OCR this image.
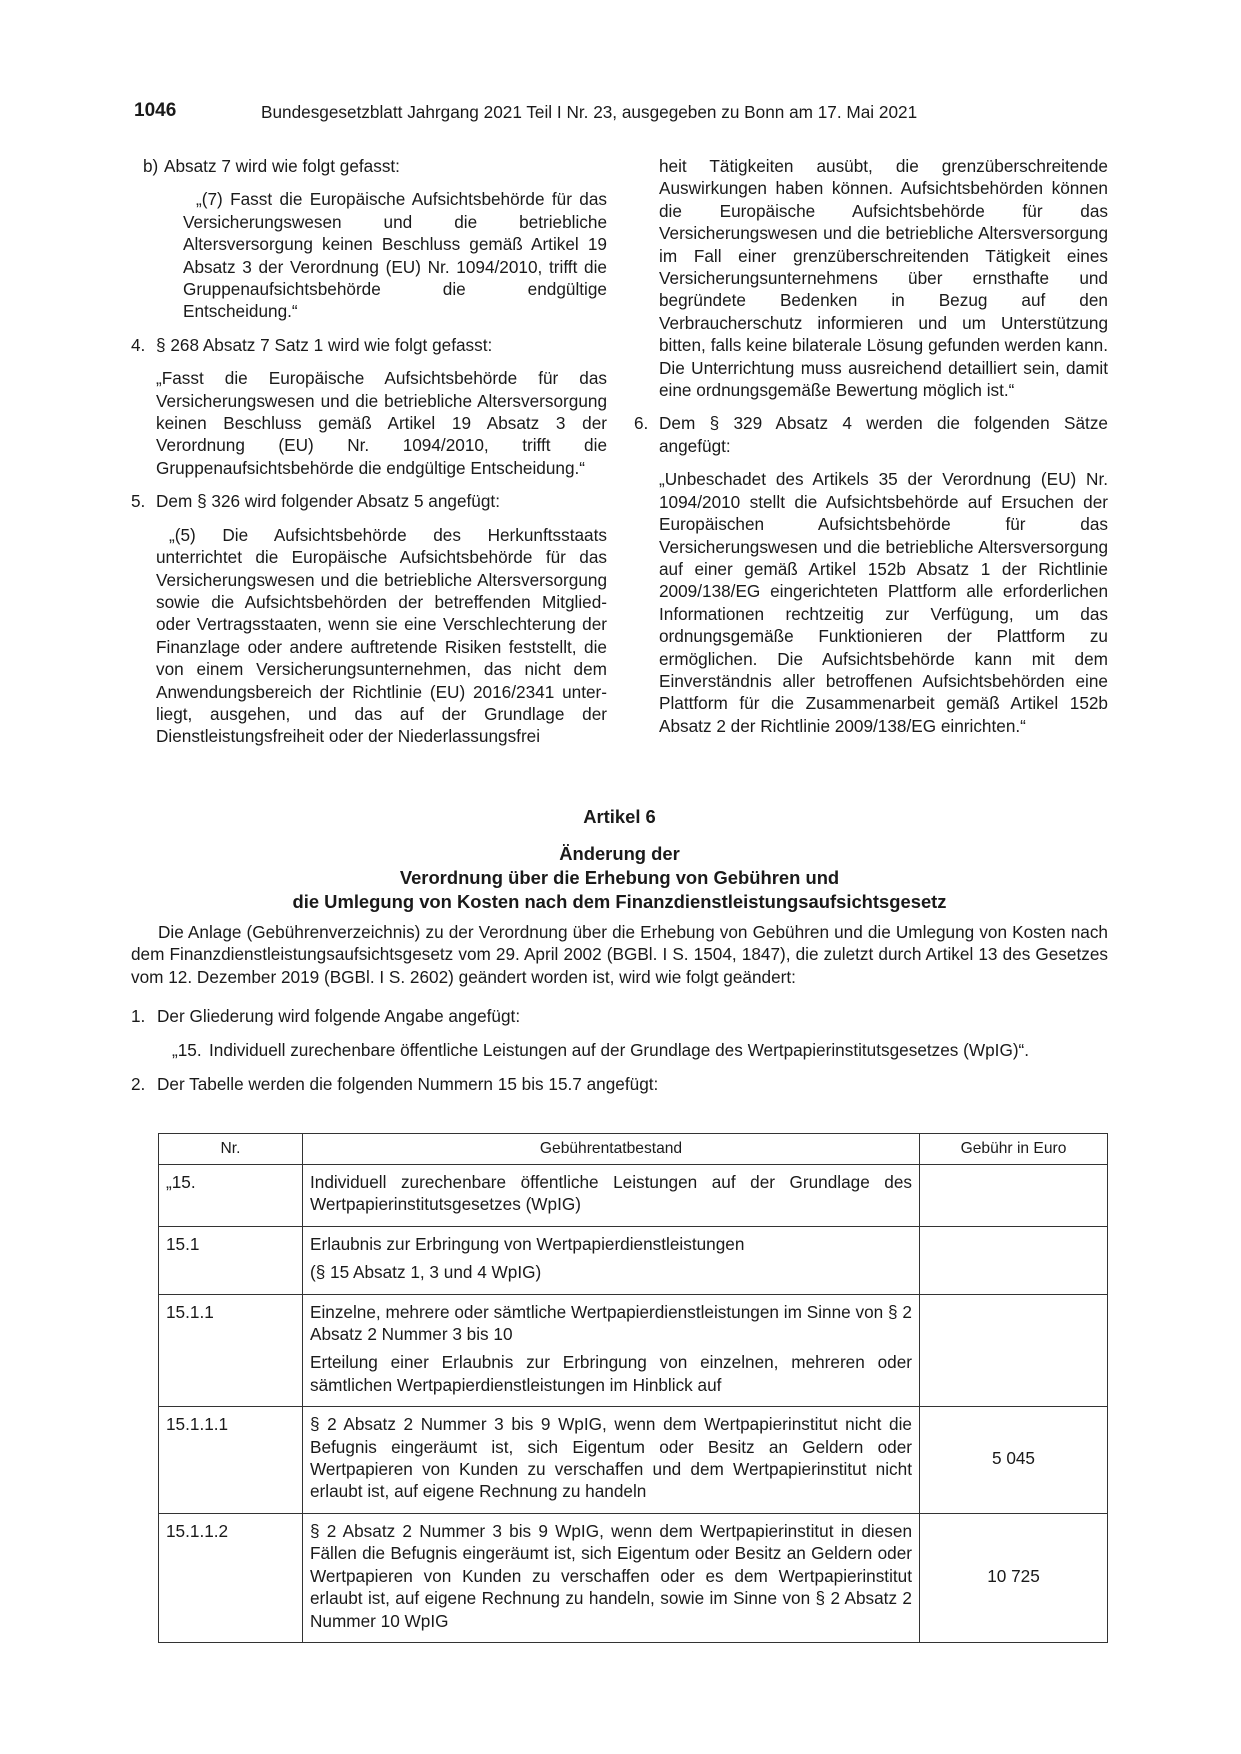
1046	Bundesgesetzblatt Jahrgang 2021 Teil I Nr. 23, ausgegeben zu Bonn am 17. Mai 2021
b) Absatz 7 wird wie folgt gefasst:

„(7) Fasst die Europäische Aufsichtsbehörde für das Versicherungswesen und die betriebliche Altersversorgung keinen Beschluss gemäß Artikel 19 Absatz 3 der Verordnung (EU) Nr. 1094/2010, trifft die Gruppenaufsichtsbehörde die endgültige Entscheidung.“

4. § 268 Absatz 7 Satz 1 wird wie folgt gefasst:

„Fasst die Europäische Aufsichtsbehörde für das Versicherungswesen und die betriebliche Altersversorgung keinen Beschluss gemäß Artikel 19 Absatz 3 der Verordnung (EU) Nr. 1094/2010, trifft die Gruppenaufsichtsbehörde die endgültige Entscheidung.“

5. Dem § 326 wird folgender Absatz 5 angefügt:

„(5) Die Aufsichtsbehörde des Herkunftsstaats unterrichtet die Europäische Aufsichtsbehörde für das Versicherungswesen und die betriebliche Altersversorgung sowie die Aufsichtsbehörden der betreffenden Mitglied- oder Vertragsstaaten, wenn sie eine Verschlechterung der Finanzlage oder andere auftretende Risiken feststellt, die von einem Versicherungsunternehmen, das nicht dem Anwendungsbereich der Richtlinie (EU) 2016/2341 unterliegt, ausgehen, und das auf der Grundlage der Dienstleistungsfreiheit oder der Niederlassungsfrei

heit Tätigkeiten ausübt, die grenzüberschreitende Auswirkungen haben können. Aufsichtsbehörden können die Europäische Aufsichtsbehörde für das Versicherungswesen und die betriebliche Altersversorgung im Fall einer grenzüberschreitenden Tätigkeit eines Versicherungsunternehmens über ernsthafte und begründete Bedenken in Bezug auf den Verbraucherschutz informieren und um Unterstützung bitten, falls keine bilaterale Lösung gefunden werden kann. Die Unterrichtung muss ausreichend detailliert sein, damit eine ordnungsgemäße Bewertung möglich ist.“

6. Dem § 329 Absatz 4 werden die folgenden Sätze angefügt:

„Unbeschadet des Artikels 35 der Verordnung (EU) Nr. 1094/2010 stellt die Aufsichtsbehörde auf Ersuchen der Europäischen Aufsichtsbehörde für das Versicherungswesen und die betriebliche Altersversorgung auf einer gemäß Artikel 152b Absatz 1 der Richtlinie 2009/138/EG eingerichteten Plattform alle erforderlichen Informationen rechtzeitig zur Verfügung, um das ordnungsgemäße Funktionieren der Plattform zu ermöglichen. Die Aufsichtsbehörde kann mit dem Einverständnis aller betroffenen Aufsichtsbehörden eine Plattform für die Zusammenarbeit gemäß Artikel 152b Absatz 2 der Richtlinie 2009/138/EG einrichten.“

Artikel 6

Änderung der
Verordnung über die Erhebung von Gebühren und
die Umlegung von Kosten nach dem Finanzdienstleistungsaufsichtsgesetz

Die Anlage (Gebührenverzeichnis) zu der Verordnung über die Erhebung von Gebühren und die Umlegung von Kosten nach dem Finanzdienstleistungsaufsichtsgesetz vom 29. April 2002 (BGBl. I S. 1504, 1847), die zuletzt durch Artikel 13 des Gesetzes vom 12. Dezember 2019 (BGBl. I S. 2602) geändert worden ist, wird wie folgt geändert:

1. Der Gliederung wird folgende Angabe angefügt:
„15. Individuell zurechenbare öffentliche Leistungen auf der Grundlage des Wertpapierinstitutsgesetzes (WpIG)“.
2. Der Tabelle werden die folgenden Nummern 15 bis 15.7 angefügt:
Nr.	Gebührentatbestand	Gebühr in Euro
„15.	Individuell zurechenbare öffentliche Leistungen auf der Grundlage des Wertpapierinstitutsgesetzes (WpIG)	

15.1	Erlaubnis zur Erbringung von Wertpapierdienstleistungen

(§ 15 Absatz 1, 3 und 4 WpIG)	

15.1.1	Einzelne, mehrere oder sämtliche Wertpapierdienstleistungen im Sinne von § 2 Absatz 2 Nummer 3 bis 10

Erteilung einer Erlaubnis zur Erbringung von einzelnen, mehreren oder sämtlichen Wertpapierdienstleistungen im Hinblick auf	

15.1.1.1	§ 2 Absatz 2 Nummer 3 bis 9 WpIG, wenn dem Wertpapierinstitut nicht die Befugnis eingeräumt ist, sich Eigentum oder Besitz an Geldern oder Wertpapieren von Kunden zu verschaffen und dem Wertpapierinstitut nicht erlaubt ist, auf eigene Rechnung zu handeln	5 045
15.1.1.2	§ 2 Absatz 2 Nummer 3 bis 9 WpIG, wenn dem Wertpapierinstitut in diesen Fällen die Befugnis eingeräumt ist, sich Eigentum oder Besitz an Geldern oder Wertpapieren von Kunden zu verschaffen oder es dem Wertpapierinstitut erlaubt ist, auf eigene Rechnung zu handeln, sowie im Sinne von § 2 Absatz 2 Nummer 10 WpIG	10 725
